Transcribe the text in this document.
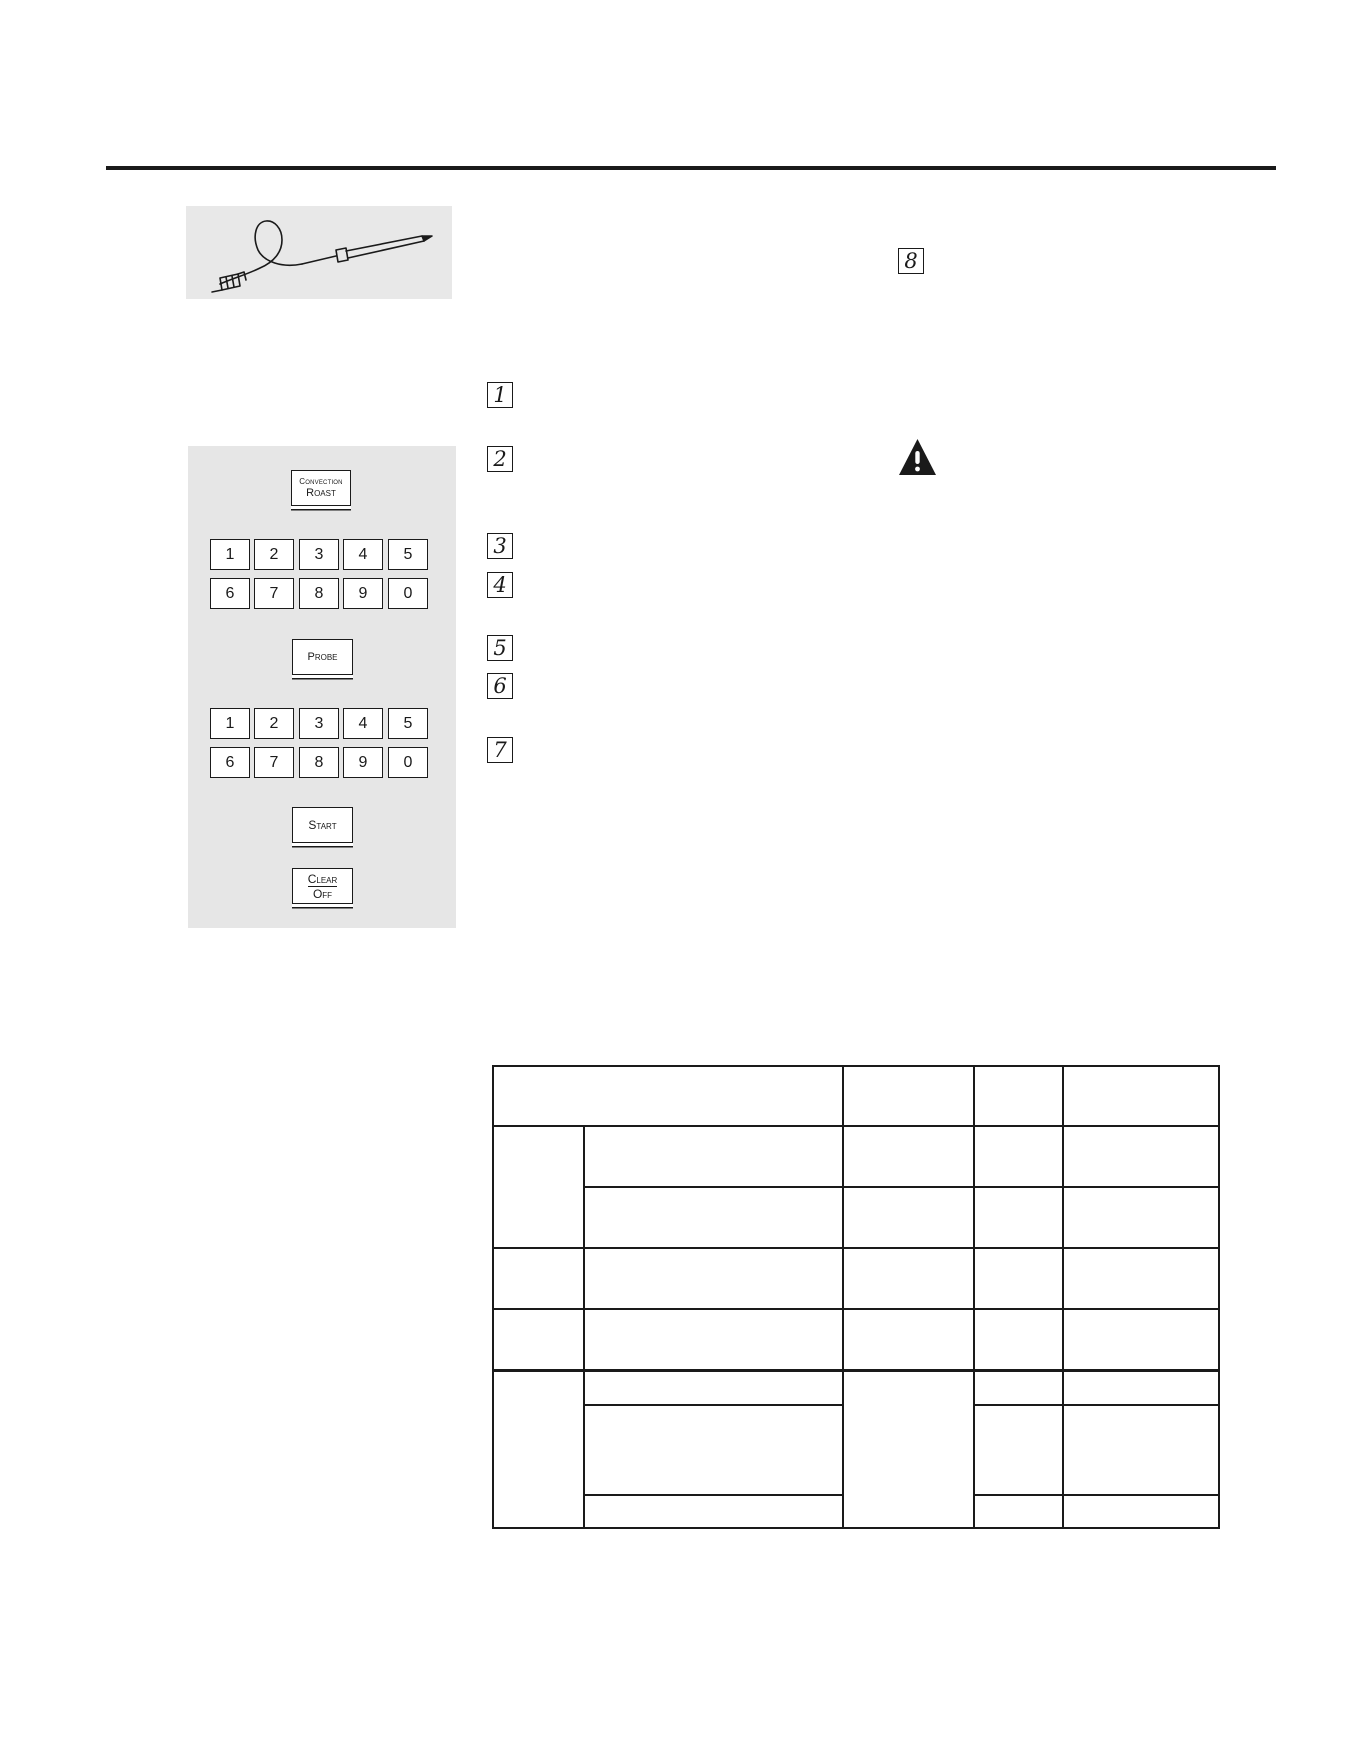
Convection
Roast
1	2	3	4	5
6	7	8	9	0
Probe
1	2	3	4	5
6	7	8	9	0
Start
Clear
Off
1
2
3
4
5
6
7
8
